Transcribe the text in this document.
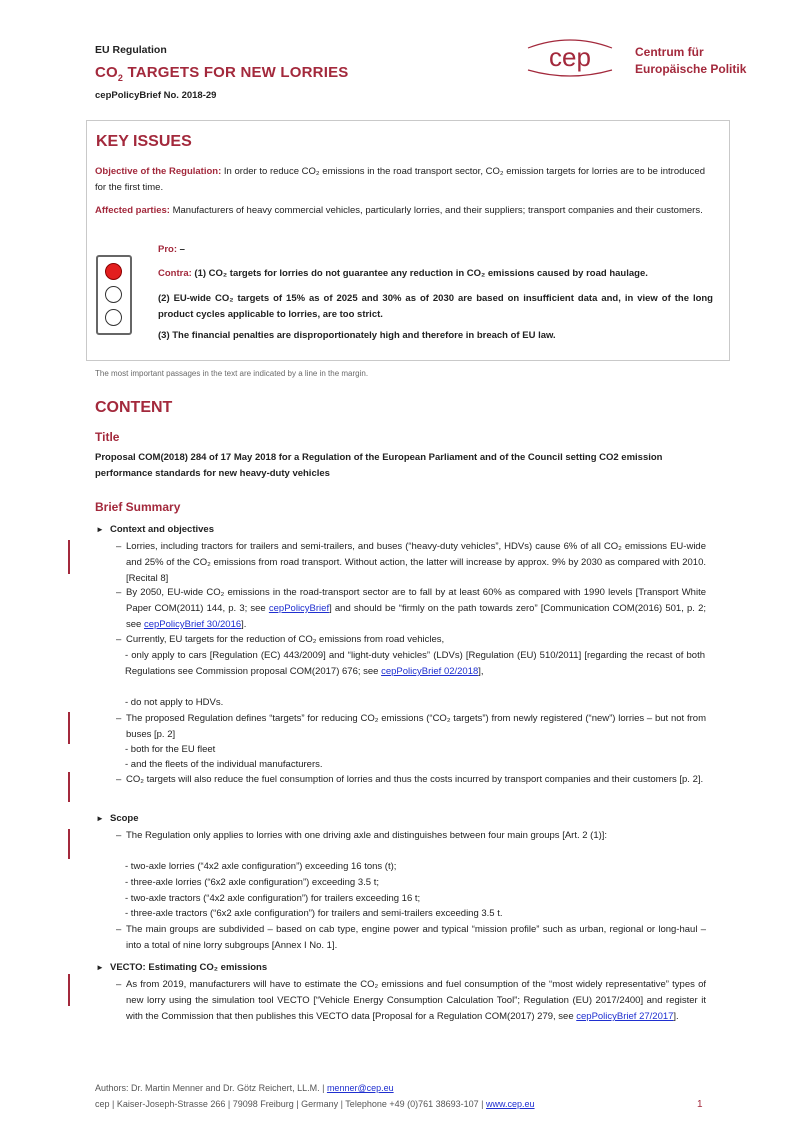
EU Regulation
$CO_2$ TARGETS FOR NEW LORRIES
cepPolicyBrief No. 2018-29
cep	Centrum für
Europäische Politik
KEY ISSUES
Objective of the Regulation: In order to reduce CO₂ emissions in the road transport sector, CO₂ emission targets for lorries are to be introduced for the first time.
Affected parties: Manufacturers of heavy commercial vehicles, particularly lorries, and their suppliers; transport companies and their customers.
Pro: –
Contra: (1) CO₂ targets for lorries do not guarantee any reduction in CO₂ emissions caused by road haulage.
(2) EU-wide CO₂ targets of 15% as of 2025 and 30% as of 2030 are based on insufficient data and, in view of the long product cycles applicable to lorries, are too strict.
(3) The financial penalties are disproportionately high and therefore in breach of EU law.
The most important passages in the text are indicated by a line in the margin.
CONTENT
Title
Proposal COM(2018) 284 of 17 May 2018 for a Regulation of the European Parliament and of the Council setting CO2 emission performance standards for new heavy-duty vehicles
Brief Summary
► Context and objectives
– Lorries, including tractors for trailers and semi-trailers, and buses (“heavy-duty vehicles”, HDVs) cause 6% of all CO₂ emissions EU-wide and 25% of the CO₂ emissions from road transport. Without action, the latter will increase by approx. 9% by 2030 as compared with 2010. [Recital 8]
– By 2050, EU-wide CO₂ emissions in the road-transport sector are to fall by at least 60% as compared with 1990 levels [Transport White Paper COM(2011) 144, p. 3; see cepPolicyBrief] and should be “firmly on the path towards zero” [Communication COM(2016) 501, p. 2; see cepPolicyBrief 30/2016].
– Currently, EU targets for the reduction of CO₂ emissions from road vehicles,
- only apply to cars [Regulation (EC) 443/2009] and “light-duty vehicles” (LDVs) [Regulation (EU) 510/2011] [regarding the recast of both Regulations see Commission proposal COM(2017) 676; see cepPolicyBrief 02/2018],
- do not apply to HDVs.
– The proposed Regulation defines “targets” for reducing CO₂ emissions (“CO₂ targets”) from newly registered (“new”) lorries – but not from buses [p. 2]
- both for the EU fleet
- and the fleets of the individual manufacturers.
– CO₂ targets will also reduce the fuel consumption of lorries and thus the costs incurred by transport companies and their customers [p. 2].
► Scope
– The Regulation only applies to lorries with one driving axle and distinguishes between four main groups [Art. 2 (1)]:
- two-axle lorries (“4x2 axle configuration”) exceeding 16 tons (t);
- three-axle lorries (“6x2 axle configuration”) exceeding 3.5 t;
- two-axle tractors (“4x2 axle configuration”) for trailers exceeding 16 t;
- three-axle tractors (“6x2 axle configuration”) for trailers and semi-trailers exceeding 3.5 t.
– The main groups are subdivided – based on cab type, engine power and typical “mission profile” such as urban, regional or long-haul – into a total of nine lorry subgroups [Annex I No. 1].
► VECTO: Estimating CO₂ emissions
– As from 2019, manufacturers will have to estimate the CO₂ emissions and fuel consumption of the “most widely representative” types of new lorry using the simulation tool VECTO [“Vehicle Energy Consumption Calculation Tool”; Regulation (EU) 2017/2400] and register it with the Commission that then publishes this VECTO data [Proposal for a Regulation COM(2017) 279, see cepPolicyBrief 27/2017].
Authors: Dr. Martin Menner and Dr. Götz Reichert, LL.M. | menner@cep.eu
cep | Kaiser-Joseph-Strasse 266 | 79098 Freiburg | Germany | Telephone +49 (0)761 38693-107 | www.cep.eu	1
